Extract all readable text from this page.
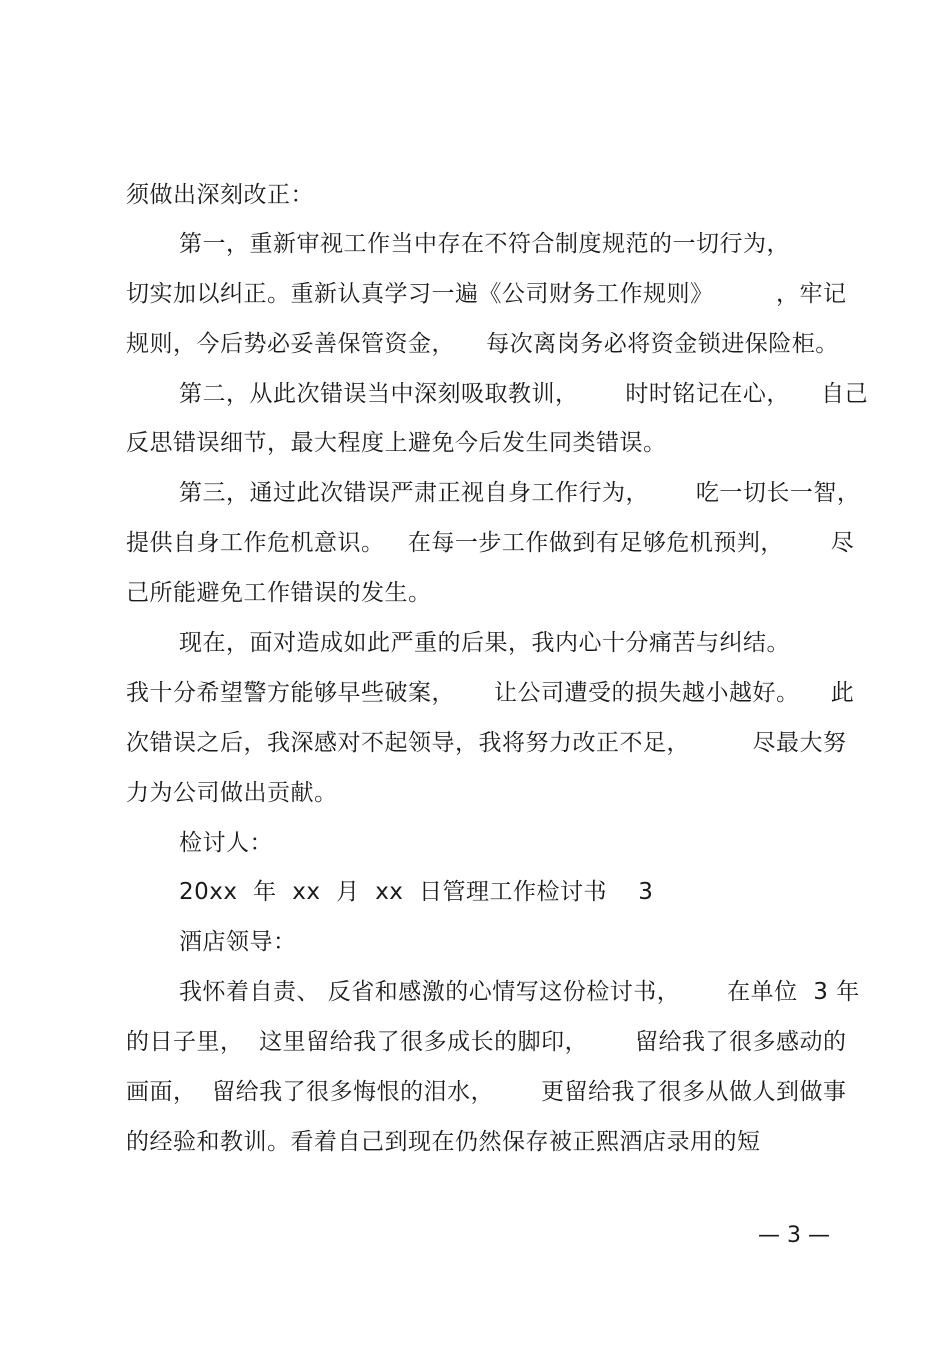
须做出深刻改正：
第一，重新审视工作当中存在不符合制度规范的一切行为，
切实加以纠正。重新认真学习一遍《公司财务工作规则》        ，牢记
规则，今后势必妥善保管资金，    每次离岗务必将资金锁进保险柜。
第二，从此次错误当中深刻吸取教训，      时时铭记在心，    自己
反思错误细节，最大程度上避免今后发生同类错误。
第三，通过此次错误严肃正视自身工作行为，      吃一切长一智，
提供自身工作危机意识。   在每一步工作做到有足够危机预判，      尽
己所能避免工作错误的发生。
现在，面对造成如此严重的后果，我内心十分痛苦与纠结。
我十分希望警方能够早些破案，     让公司遭受的损失越小越好。    此
次错误之后，我深感对不起领导，我将努力改正不足，        尽最大努
力为公司做出贡献。
检讨人：
20xx  年  xx  月  xx  日管理工作检讨书    3
酒店领导：
我怀着自责、 反省和感激的心情写这份检讨书，      在单位  3 年
的日子里，  这里留给我了很多成长的脚印，      留给我了很多感动的
画面，  留给我了很多悔恨的泪水，      更留给我了很多从做人到做事
的经验和教训。看着自己到现在仍然保存被正熙酒店录用的短
— 3 —
